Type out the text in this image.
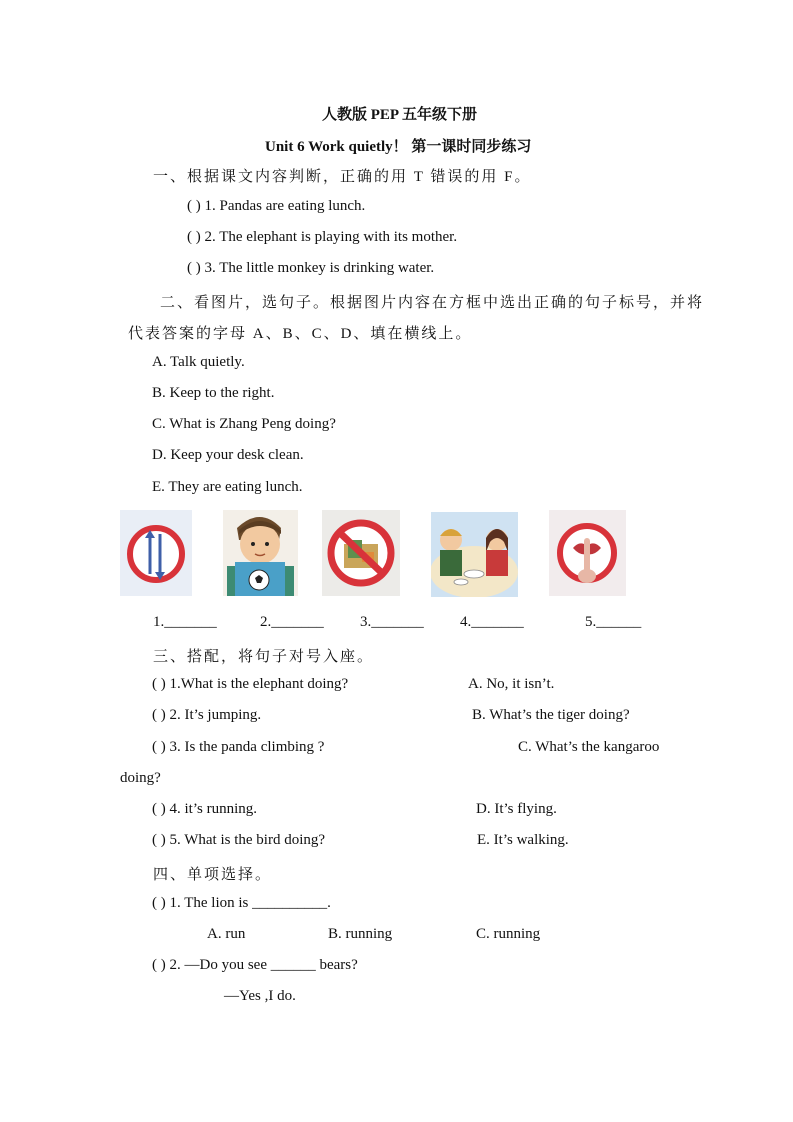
人教版 PEP 五年级下册
Unit 6 Work quietly！ 第一课时同步练习
一、根据课文内容判断，正确的用 T 错误的用 F。
( ) 1. Pandas are eating lunch.
( ) 2. The elephant is playing with its mother.
( ) 3. The little monkey is drinking water.
二、看图片，选句子。根据图片内容在方框中选出正确的句子标号，并将
代表答案的字母 A、B、C、D、填在横线上。
A. Talk quietly.
B. Keep to the right.
C. What is Zhang Peng doing?
D. Keep your desk clean.
E. They are eating lunch.
1._______	2._______ 3._______ 4._______	5.______
三、搭配，将句子对号入座。
( ) 1.What is the elephant doing?	A. No, it isn’t.
( ) 2. It’s jumping.	B. What’s the tiger doing?
( ) 3. Is the panda climbing ?	C. What’s the kangaroo
doing?
( ) 4. it’s running.	D. It’s flying.
( ) 5. What is the bird doing?	E. It’s walking.
四、单项选择。
( ) 1. The lion is __________.
A. run	B. running	C. running
( ) 2. —Do you see ______ bears?
—Yes ,I do.
